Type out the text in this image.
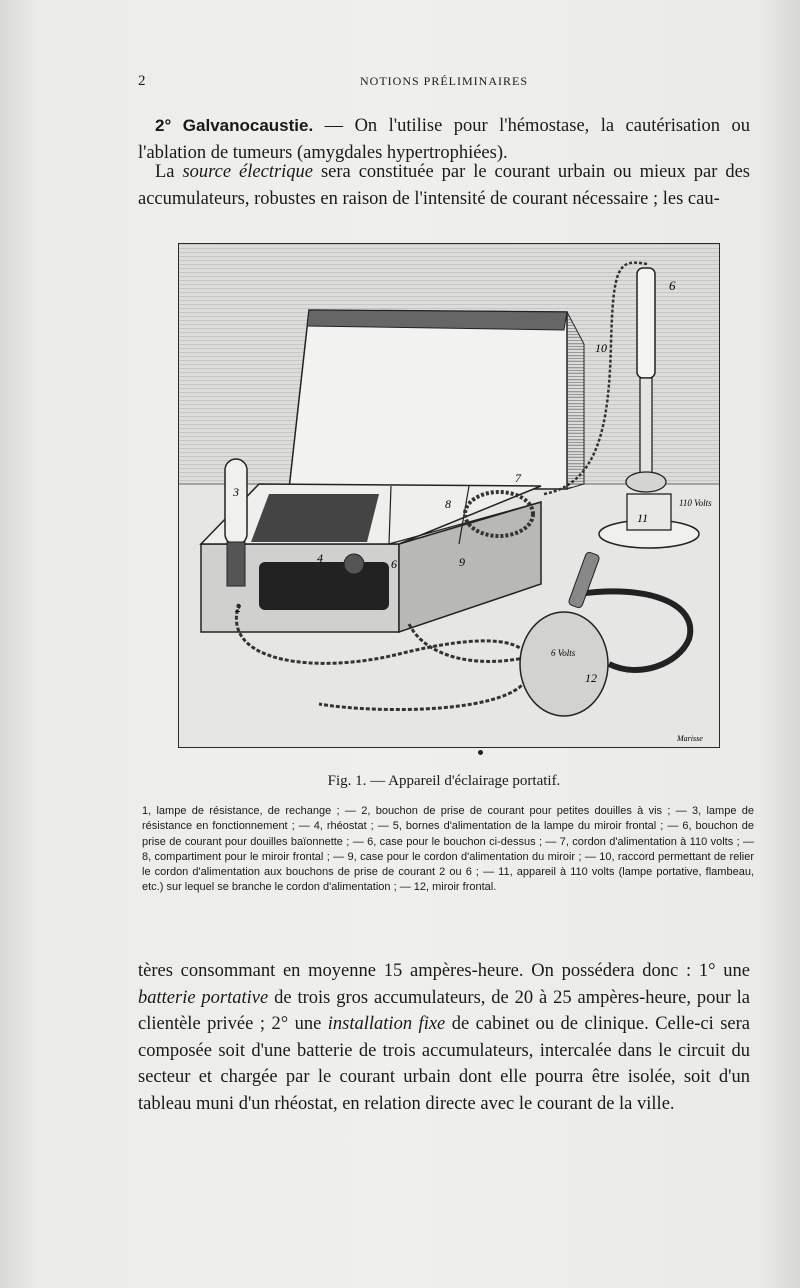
2	NOTIONS PRÉLIMINAIRES

2° Galvanocaustie. — On l'utilise pour l'hémostase, la cautérisation ou l'ablation de tumeurs (amygdales hypertrophiées).

La source électrique sera constituée par le courant urbain ou mieux par des accumulateurs, robustes en raison de l'intensité de courant nécessaire ; les cau-

3
2
4	6
8
9
7
10
6
11
110 Volts
6 Volts
12
Marisse
Fig. 1. — Appareil d'éclairage portatif.
1, lampe de résistance, de rechange ; — 2, bouchon de prise de courant pour petites douilles à vis ; — 3, lampe de résistance en fonctionnement ; — 4, rhéostat ; — 5, bornes d'alimentation de la lampe du miroir frontal ; — 6, bouchon de prise de courant pour douilles baïonnette ; — 6, case pour le bouchon ci-dessus ; — 7, cordon d'alimentation à 110 volts ; — 8, compartiment pour le miroir frontal ; — 9, case pour le cordon d'alimentation du miroir ; — 10, raccord permettant de relier le cordon d'alimentation aux bouchons de prise de courant 2 ou 6 ; — 11, appareil à 110 volts (lampe portative, flambeau, etc.) sur lequel se branche le cordon d'alimentation ; — 12, miroir frontal.

tères consommant en moyenne 15 ampères-heure. On possédera donc : 1° une batterie portative de trois gros accumulateurs, de 20 à 25 ampères-heure, pour la clientèle privée ; 2° une installation fixe de cabinet ou de clinique. Celle-ci sera composée soit d'une batterie de trois accumulateurs, intercalée dans le circuit du secteur et chargée par le courant urbain dont elle pourra être isolée, soit d'un tableau muni d'un rhéostat, en relation directe avec le courant de la ville.
